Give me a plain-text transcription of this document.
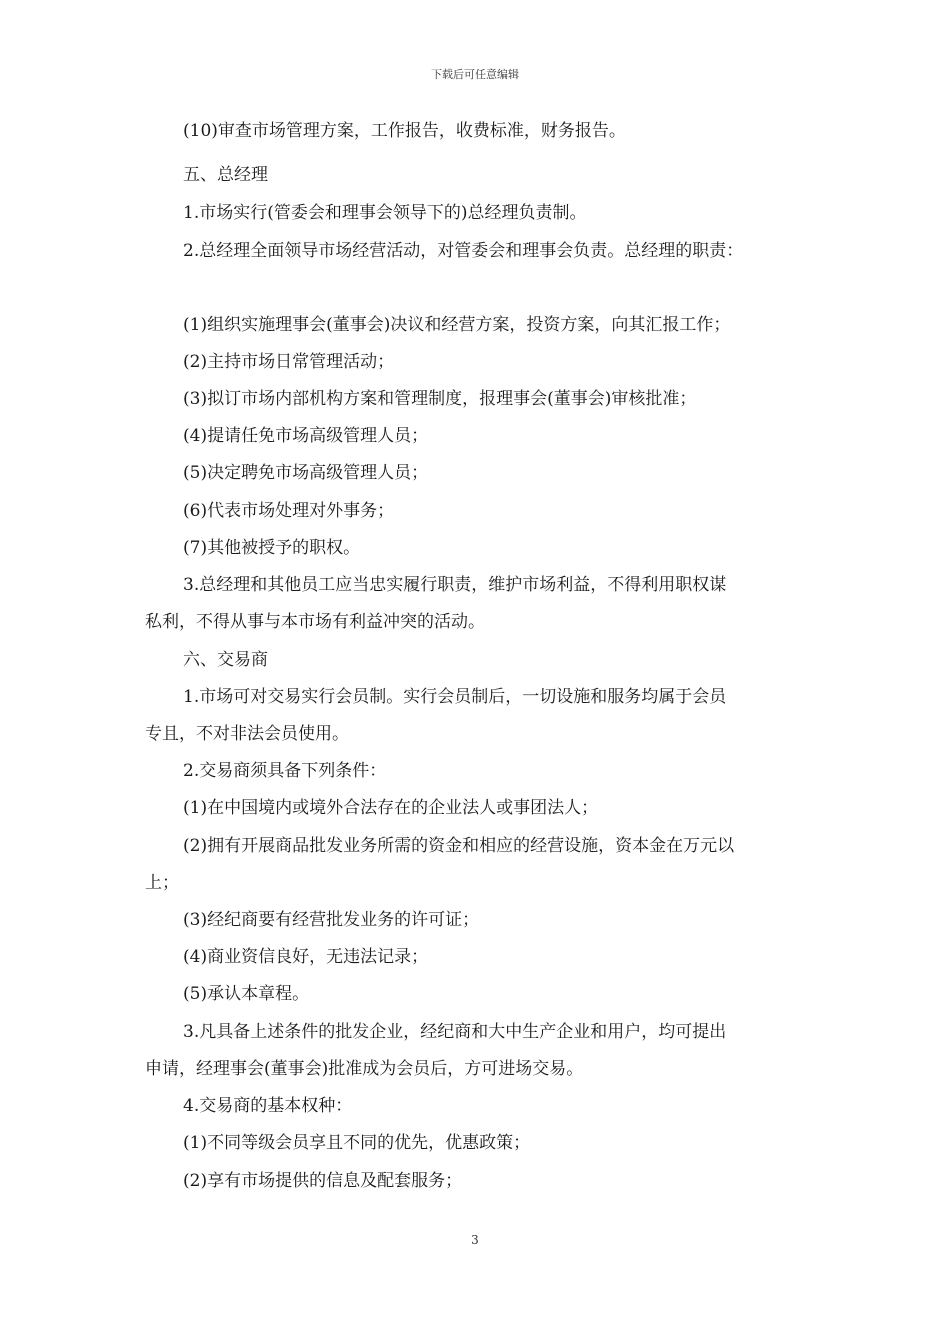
下载后可任意编辑
(10)审查市场管理方案，工作报告，收费标准，财务报告。
五、总经理
1.市场实行(管委会和理事会领导下的)总经理负责制。
2.总经理全面领导市场经营活动，对管委会和理事会负责。总经理的职责：
(1)组织实施理事会(董事会)决议和经营方案，投资方案，向其汇报工作；
(2)主持市场日常管理活动；
(3)拟订市场内部机构方案和管理制度，报理事会(董事会)审核批准；
(4)提请任免市场高级管理人员；
(5)决定聘免市场高级管理人员；
(6)代表市场处理对外事务；
(7)其他被授予的职权。
3.总经理和其他员工应当忠实履行职责，维护市场利益，不得利用职权谋
私利，不得从事与本市场有利益冲突的活动。
六、交易商
1.市场可对交易实行会员制。实行会员制后，一切设施和服务均属于会员
专且，不对非法会员使用。
2.交易商须具备下列条件：
(1)在中国境内或境外合法存在的企业法人或事团法人；
(2)拥有开展商品批发业务所需的资金和相应的经营设施，资本金在万元以
上；
(3)经纪商要有经营批发业务的许可证；
(4)商业资信良好，无违法记录；
(5)承认本章程。
3.凡具备上述条件的批发企业，经纪商和大中生产企业和用户，均可提出
申请，经理事会(董事会)批准成为会员后，方可进场交易。
4.交易商的基本权种：
(1)不同等级会员享且不同的优先，优惠政策；
(2)享有市场提供的信息及配套服务；
3
